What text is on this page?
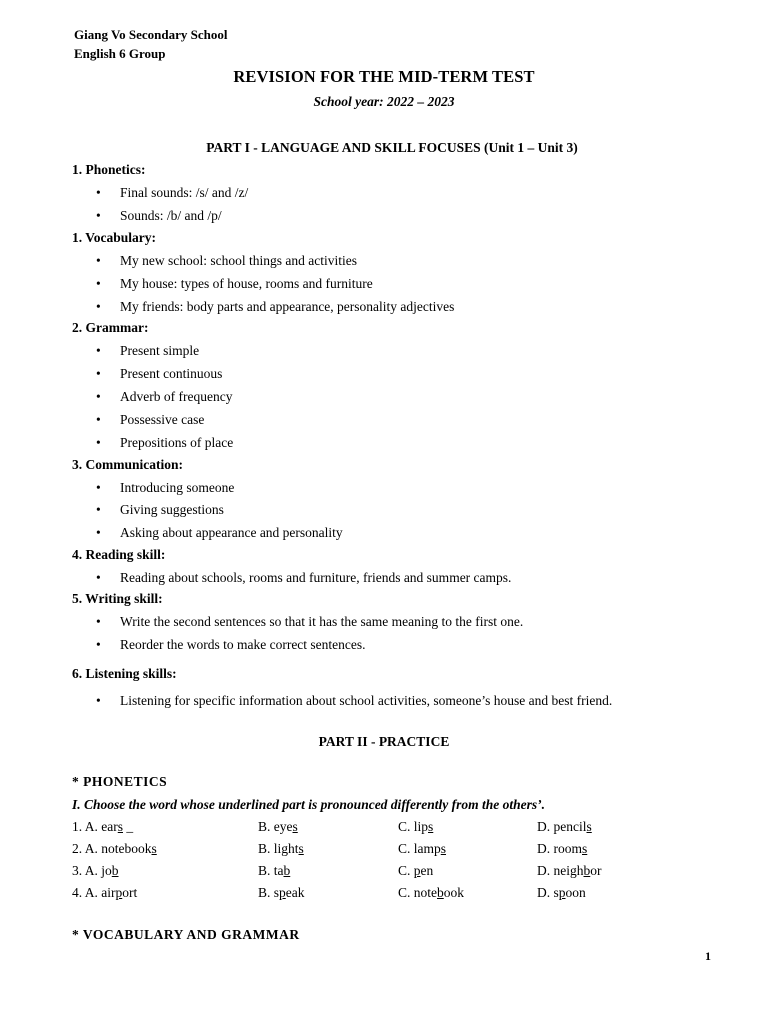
Giang Vo Secondary School
English 6 Group
REVISION FOR THE MID-TERM TEST
School year: 2022 – 2023
PART I - LANGUAGE AND SKILL FOCUSES (Unit 1 – Unit 3)
1. Phonetics:
• Final sounds: /s/ and /z/
• Sounds: /b/ and /p/
1. Vocabulary:
• My new school: school things and activities
• My house: types of house, rooms and furniture
• My friends: body parts and appearance, personality adjectives
2. Grammar:
• Present simple
• Present continuous
• Adverb of frequency
• Possessive case
• Prepositions of place
3. Communication:
• Introducing someone
• Giving suggestions
• Asking about appearance and personality
4. Reading skill:
• Reading about schools, rooms and furniture, friends and summer camps.
5. Writing skill:
• Write the second sentences so that it has the same meaning to the first one.
• Reorder the words to make correct sentences.
6. Listening skills:
• Listening for specific information about school activities, someone’s house and best friend.
PART II - PRACTICE
* PHONETICS
I. Choose the word whose underlined part is pronounced differently from the others’.
1. A. ears _	B. eyes	C. lips	D. pencils
2. A. notebooks	B. lights	C. lamps	D. rooms
3. A. job	B. tab	C. pen	D. neighbor
4. A. airport	B. speak	C. notebook	D. spoon
* VOCABULARY AND GRAMMAR
1
